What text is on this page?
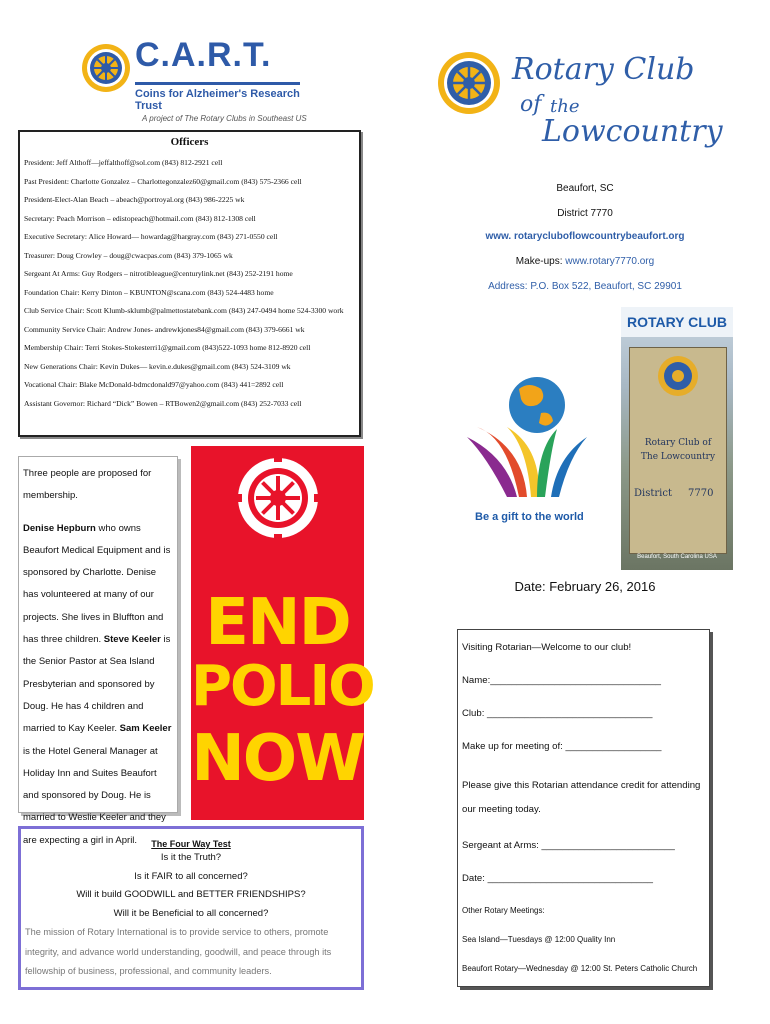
C.A.R.T.
Coins for Alzheimer's Research Trust
A project of The Rotary Clubs in Southeast US
Officers
President: Jeff Althoff—jeffalthoff@sol.com (843) 812-2921 cell
Past President: Charlotte Gonzalez – Charlottegonzalez60@gmail.com (843) 575-2366 cell
President-Elect-Alan Beach – abeach@portroyal.org (843) 986-2225 wk
Secretary: Peach Morrison – edistopeach@hotmail.com (843) 812-1308 cell
Executive Secretary: Alice Howard— howardag@hargray.com (843) 271-0550 cell
Treasurer: Doug Crowley – doug@cwacpas.com (843) 379-1065 wk
Sergeant At Arms: Guy Rodgers – nitrotibleague@centurylink.net (843) 252-2191 home
Foundation Chair: Kerry Dinton – KBUNTON@scana.com (843) 524-4483 home
Club Service Chair: Scott Klumb-sklumb@palmettostatebank.com (843) 247-0494 home 524-3300 work
Community Service Chair: Andrew Jones- andrewkjones84@gmail.com (843) 379-6661 wk
Membership Chair: Terri Stokes-Stokesterri1@gmail.com (843)522-1093 home 812-8920 cell
New Generations Chair: Kevin Dukes— kevin.e.dukes@gmail.com (843) 524-3109 wk
Vocational Chair: Blake McDonald-bdmcdonald97@yahoo.com (843) 441=2892 cell
Assistant Governor: Richard “Dick” Bowen – RTBowen2@gmail.com (843) 252-7033 cell

Three people are proposed for membership.

Denise Hepburn who owns Beaufort Medical Equipment and is sponsored by Charlotte. Denise has volunteered at many of our projects. She lives in Bluffton and has three children. Steve Keeler is the Senior Pastor at Sea Island Presbyterian and sponsored by Doug. He has 4 children and married to Kay Keeler. Sam Keeler is the Hotel General Manager at Holiday Inn and Suites Beaufort and sponsored by Doug. He is married to Weslie Keeler and they are expecting a girl in April.

END
POLIO
NOW
The Four Way Test
Is it the Truth?
Is it FAIR to all concerned?
Will it build GOODWILL and BETTER FRIENDSHIPS?
Will it be Beneficial to all concerned?
The mission of Rotary International is to provide service to others, promote integrity, and advance world understanding, goodwill, and peace through its fellowship of business, professional, and community leaders.
Rotary Club
of the
Lowcountry
Beaufort, SC
District 7770
www. rotarycluboflowcountrybeaufort.org
Make-ups: www.rotary7770.org
Address: P.O. Box 522, Beaufort, SC 29901
Be a gift to the world
ROTARY CLUB
Rotary Club of
The Lowcountry
District 7770
Beaufort, South Carolina USA
Date: February 26, 2016
Visiting Rotarian—Welcome to our club!
Name:________________________________
Club: _______________________________
Make up for meeting of: __________________
Please give this Rotarian attendance credit for attending our meeting today.
Sergeant at Arms: _________________________
Date: _______________________________
Other Rotary Meetings:
Sea Island—Tuesdays @ 12:00 Quality Inn
Beaufort Rotary—Wednesday @ 12:00 St. Peters Catholic Church
